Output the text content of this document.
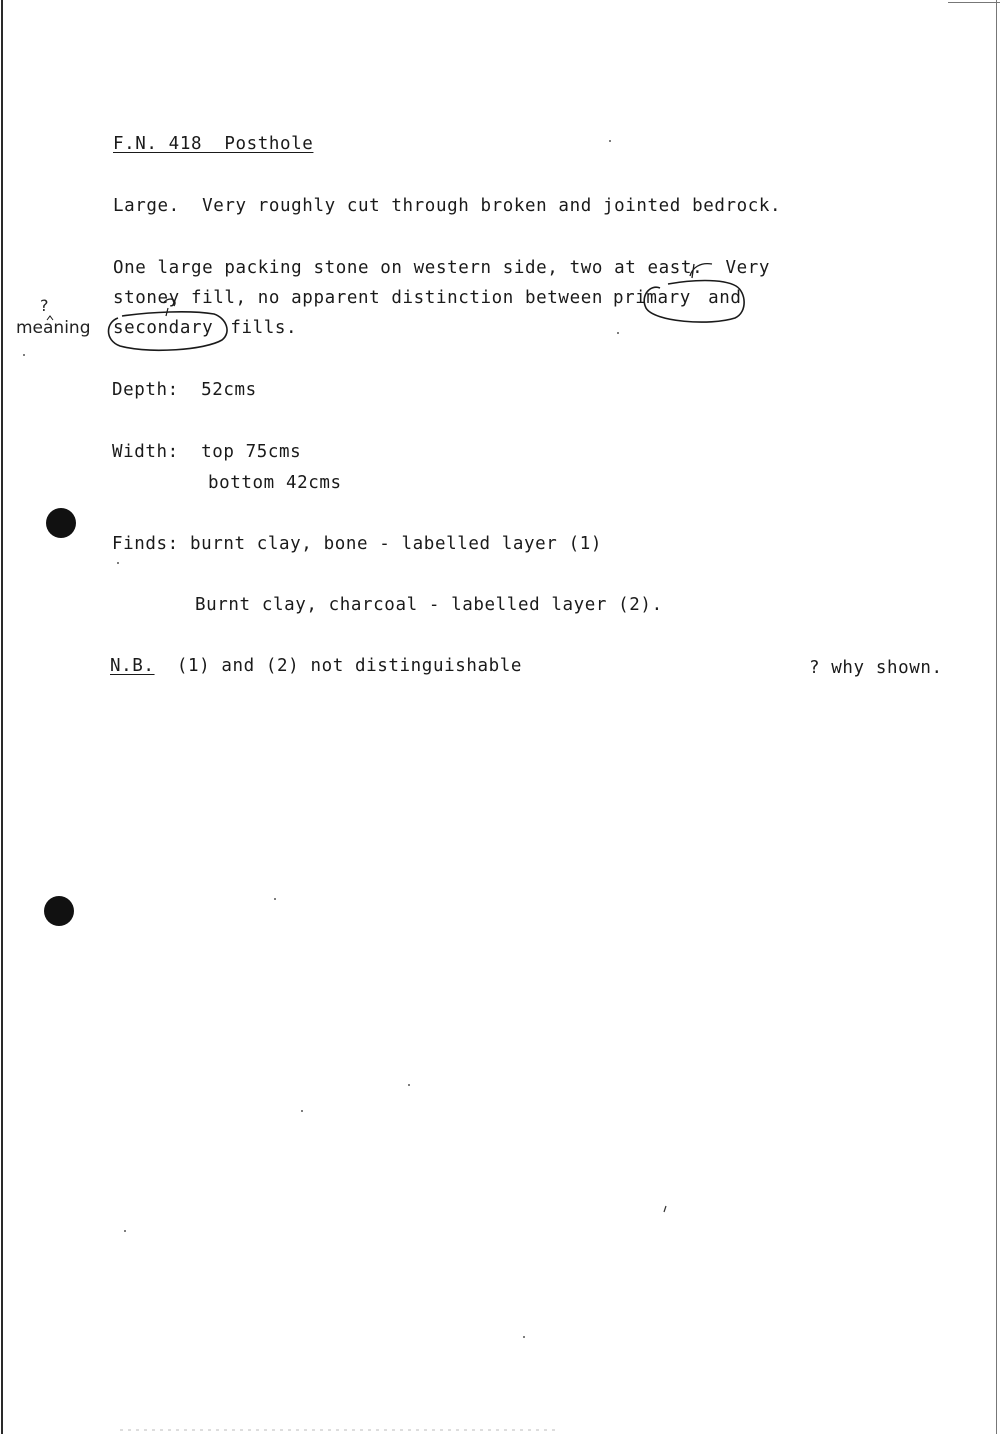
F.N. 418  Posthole
Large.  Very roughly cut through broken and jointed bedrock.
One large packing stone on western side, two at east.  Very
stoney fill, no apparent distinction between primary and
secondary fills.
Depth:  52cms
Width:  top 75cms
bottom 42cms
Finds: burnt clay, bone - labelled layer (1)
Burnt clay, charcoal - labelled layer (2).
N.B.  (1) and (2) not distinguishable
?
meaning
? why shown.
